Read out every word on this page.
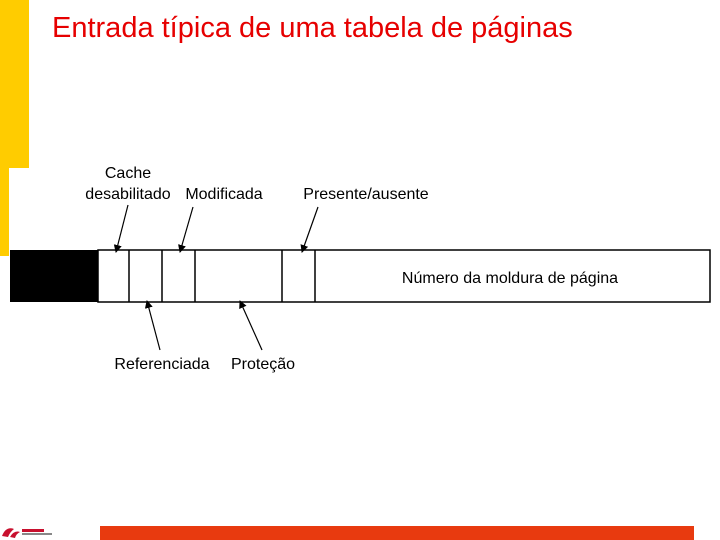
Entrada típica de uma tabela de páginas
Número da moldura de página
Cache
desabilitado Modificada	Presente/ausente
Referenciada Proteção
